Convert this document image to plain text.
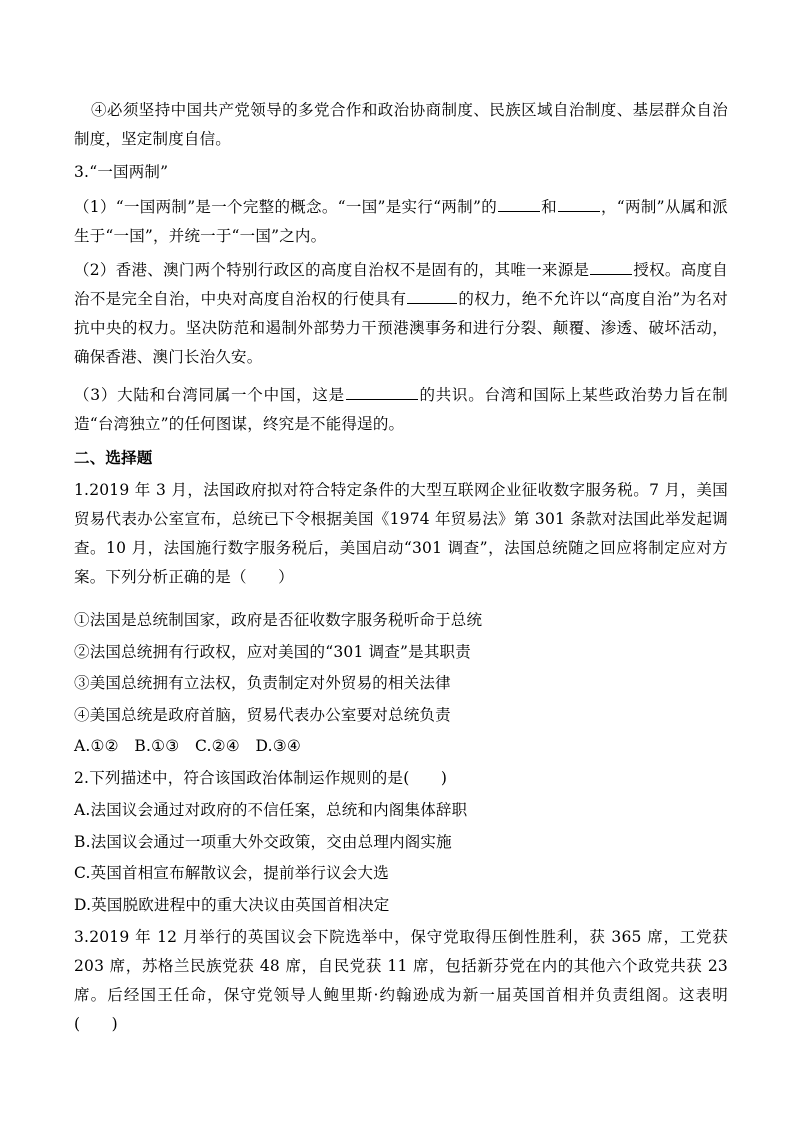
④必须坚持中国共产党领导的多党合作和政治协商制度、民族区域自治制度、基层群众自治制度，坚定制度自信。

3.“一国两制”

（1）“一国两制”是一个完整的概念。“一国”是实行“两制”的	和	，“两制”从属和派生于“一国”，并统一于“一国”之内。

（2）香港、澳门两个特别行政区的高度自治权不是固有的，其唯一来源是	授权。高度自治不是完全自治，中央对高度自治权的行使具有	的权力，绝不允许以“高度自治”为名对抗中央的权力。坚决防范和遏制外部势力干预港澳事务和进行分裂、颠覆、渗透、破坏活动，确保香港、澳门长治久安。

（3）大陆和台湾同属一个中国，这是	的共识。台湾和国际上某些政治势力旨在制造“台湾独立”的任何图谋，终究是不能得逞的。

二、选择题

1.2019 年 3 月，法国政府拟对符合特定条件的大型互联网企业征收数字服务税。7 月，美国贸易代表办公室宣布，总统已下令根据美国《1974 年贸易法》第 301 条款对法国此举发起调查。10 月，法国施行数字服务税后，美国启动“301 调查”，法国总统随之回应将制定应对方案。下列分析正确的是（　　）

①法国是总统制国家，政府是否征收数字服务税听命于总统

②法国总统拥有行政权，应对美国的“301 调查”是其职责

③美国总统拥有立法权，负责制定对外贸易的相关法律

④美国总统是政府首脑，贸易代表办公室要对总统负责

A.①②　B.①③　C.②④　D.③④

2.下列描述中，符合该国政治体制运作规则的是(　　)

A.法国议会通过对政府的不信任案，总统和内阁集体辞职

B.法国议会通过一项重大外交政策，交由总理内阁实施

C.英国首相宣布解散议会，提前举行议会大选

D.英国脱欧进程中的重大决议由英国首相决定

3.2019 年 12 月举行的英国议会下院选举中，保守党取得压倒性胜利，获 365 席，工党获 203 席，苏格兰民族党获 48 席，自民党获 11 席，包括新芬党在内的其他六个政党共获 23 席。后经国王任命，保守党领导人鲍里斯·约翰逊成为新一届英国首相并负责组阁。这表明(　　)
